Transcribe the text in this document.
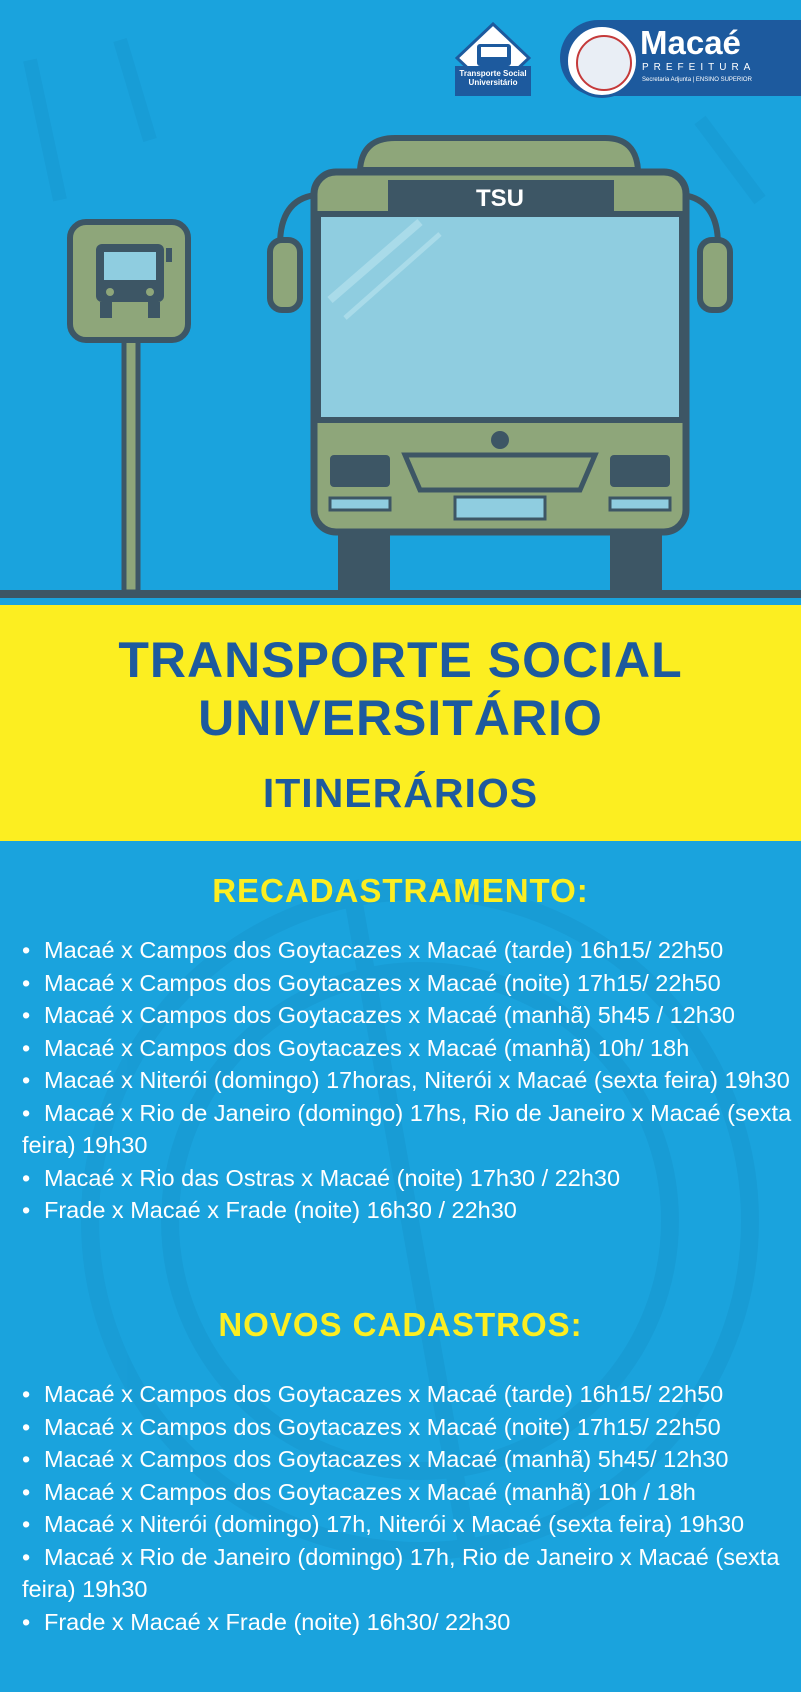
TSU
Transporte Social
Universitário
Macaé
PREFEITURA
Secretaria Adjunta | ENSINO SUPERIOR
TRANSPORTE SOCIAL
UNIVERSITÁRIO
ITINERÁRIOS
RECADASTRAMENTO:
• Macaé x Campos dos Goytacazes x Macaé (tarde) 16h15/ 22h50
• Macaé x Campos dos Goytacazes x Macaé (noite) 17h15/ 22h50
• Macaé x Campos dos Goytacazes x Macaé (manhã) 5h45 / 12h30
• Macaé x Campos dos Goytacazes x Macaé (manhã) 10h/ 18h
• Macaé x Niterói (domingo) 17horas, Niterói x Macaé (sexta feira) 19h30
• Macaé x Rio de Janeiro (domingo) 17hs, Rio de Janeiro x Macaé (sexta feira) 19h30
• Macaé x Rio das Ostras x Macaé (noite) 17h30 / 22h30
• Frade x Macaé x Frade (noite) 16h30 / 22h30
NOVOS CADASTROS:
• Macaé x Campos dos Goytacazes x Macaé (tarde) 16h15/ 22h50
• Macaé x Campos dos Goytacazes x Macaé (noite) 17h15/ 22h50
• Macaé x Campos dos Goytacazes x Macaé (manhã) 5h45/ 12h30
• Macaé x Campos dos Goytacazes x Macaé (manhã) 10h / 18h
• Macaé x Niterói (domingo) 17h, Niterói x Macaé (sexta feira) 19h30
• Macaé x Rio de Janeiro (domingo) 17h, Rio de Janeiro x Macaé (sexta feira) 19h30
• Frade x Macaé x Frade (noite) 16h30/ 22h30
